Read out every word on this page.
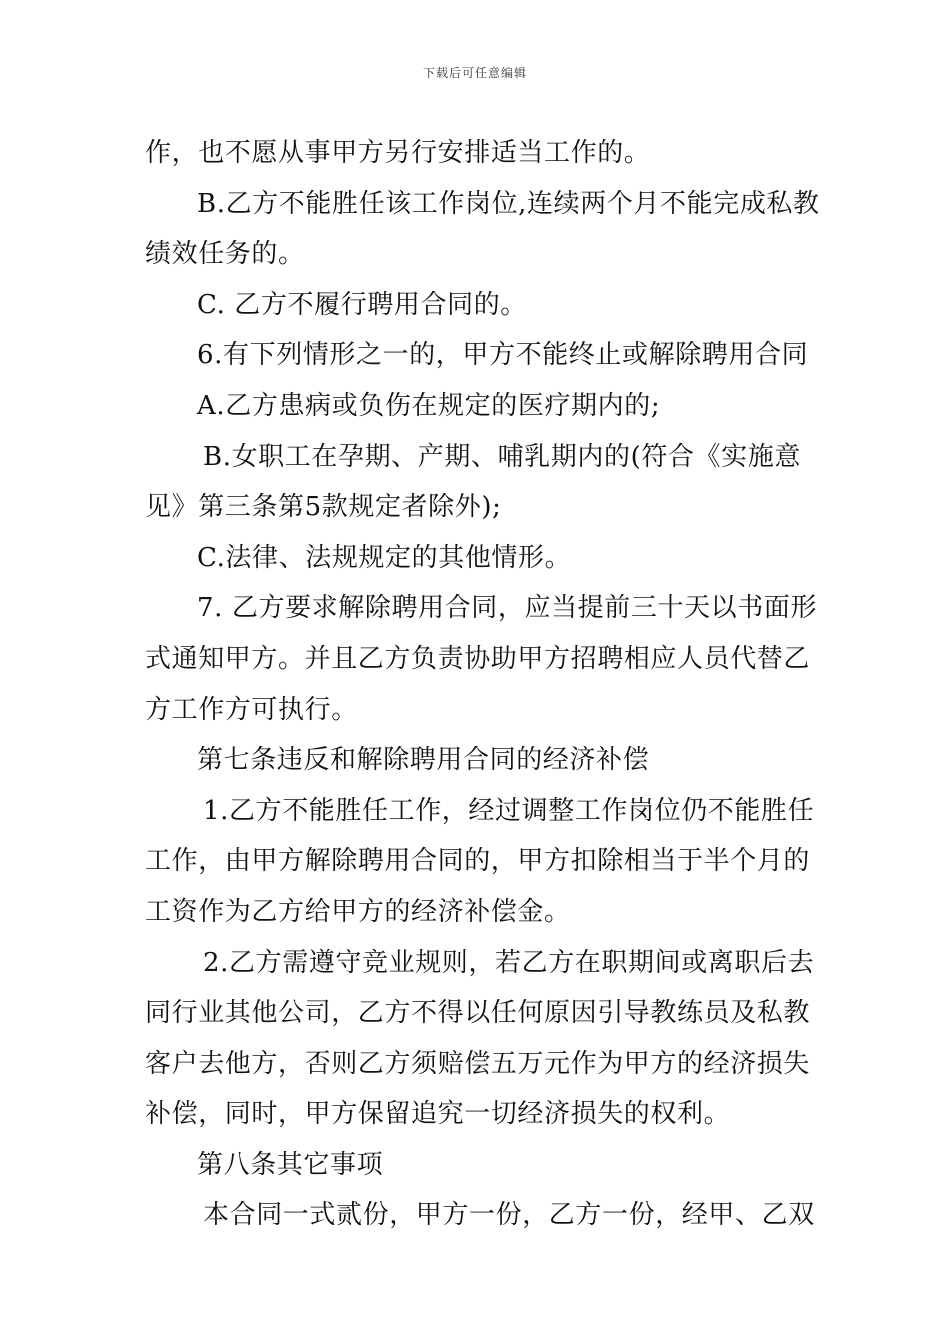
下载后可任意编辑
作，也不愿从事甲方另行安排适当工作的。
B.乙方不能胜任该工作岗位,连续两个月不能完成私教
绩效任务的。
C. 乙方不履行聘用合同的。
6.有下列情形之一的，甲方不能终止或解除聘用合同
A.乙方患病或负伤在规定的医疗期内的;
B.女职工在孕期、产期、哺乳期内的(符合《实施意
见》第三条第5款规定者除外);
C.法律、法规规定的其他情形。
7. 乙方要求解除聘用合同，应当提前三十天以书面形
式通知甲方。并且乙方负责协助甲方招聘相应人员代替乙
方工作方可执行。
第七条违反和解除聘用合同的经济补偿
1.乙方不能胜任工作，经过调整工作岗位仍不能胜任
工作，由甲方解除聘用合同的，甲方扣除相当于半个月的
工资作为乙方给甲方的经济补偿金。
2.乙方需遵守竞业规则，若乙方在职期间或离职后去
同行业其他公司，乙方不得以任何原因引导教练员及私教
客户去他方，否则乙方须赔偿五万元作为甲方的经济损失
补偿，同时，甲方保留追究一切经济损失的权利。
第八条其它事项
本合同一式贰份，甲方一份，乙方一份，经甲、乙双
